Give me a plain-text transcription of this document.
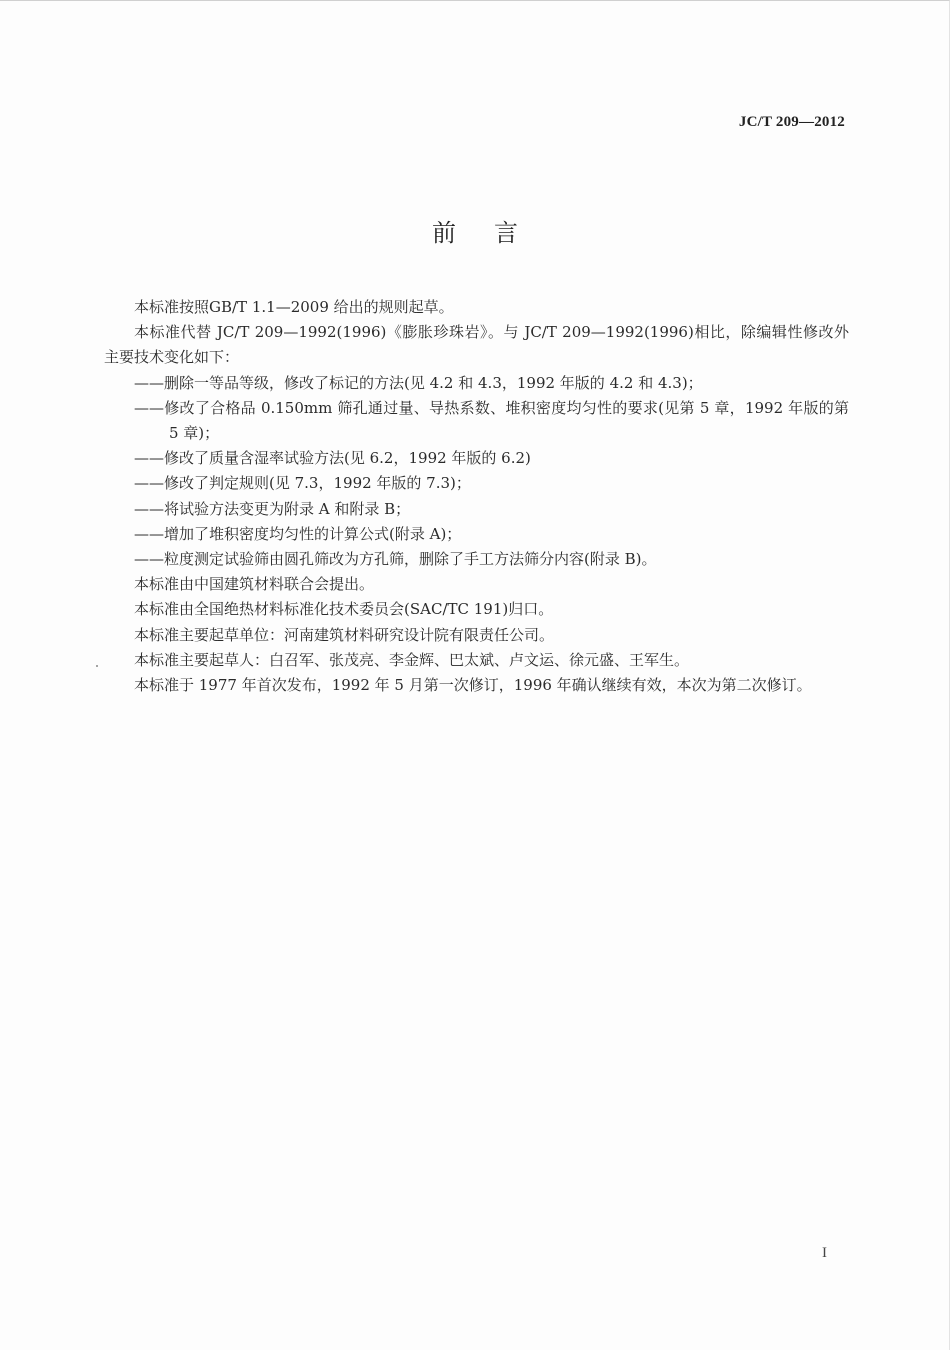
JC/T 209—2012
前言

本标准按照GB/T 1.1—2009 给出的规则起草。

本标准代替 JC/T 209—1992(1996)《膨胀珍珠岩》。与 JC/T 209—1992(1996)相比，除编辑性修改外主要技术变化如下：

——删除一等品等级，修改了标记的方法(见 4.2 和 4.3，1992 年版的 4.2 和 4.3)；

——修改了合格品 0.150mm 筛孔通过量、导热系数、堆积密度均匀性的要求(见第 5 章，1992 年版的第 5 章)；

——修改了质量含湿率试验方法(见 6.2，1992 年版的 6.2)

——修改了判定规则(见 7.3，1992 年版的 7.3)；

——将试验方法变更为附录 A 和附录 B；

——增加了堆积密度均匀性的计算公式(附录 A)；

——粒度测定试验筛由圆孔筛改为方孔筛，删除了手工方法筛分内容(附录 B)。

本标准由中国建筑材料联合会提出。

本标准由全国绝热材料标准化技术委员会(SAC/TC 191)归口。

本标准主要起草单位：河南建筑材料研究设计院有限责任公司。

本标准主要起草人：白召军、张茂亮、李金辉、巴太斌、卢文运、徐元盛、王军生。

本标准于 1977 年首次发布，1992 年 5 月第一次修订，1996 年确认继续有效，本次为第二次修订。

I
